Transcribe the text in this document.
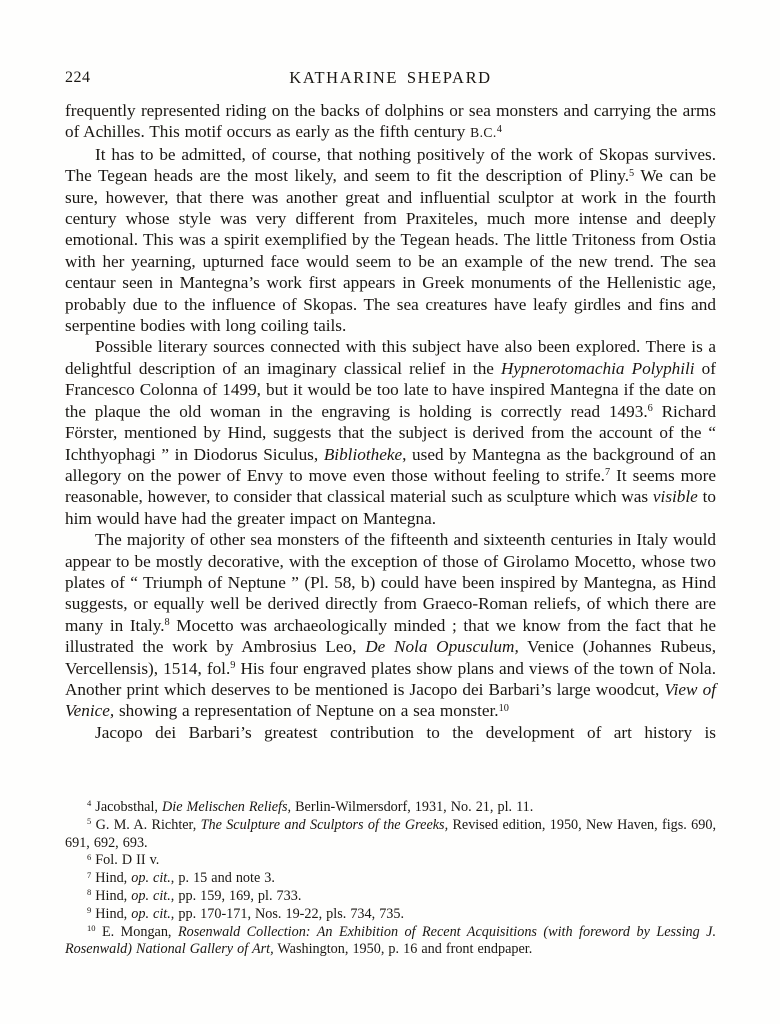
224	KATHARINE SHEPARD

frequently represented riding on the backs of dolphins or sea monsters and carrying the arms of Achilles. This motif occurs as early as the fifth century B.C.$^4$

It has to be admitted, of course, that nothing positively of the work of Skopas survives. The Tegean heads are the most likely, and seem to fit the description of Pliny.$^5$ We can be sure, however, that there was another great and influential sculptor at work in the fourth century whose style was very different from Praxiteles, much more intense and deeply emotional. This was a spirit exemplified by the Tegean heads. The little Tritoness from Ostia with her yearning, upturned face would seem to be an example of the new trend. The sea centaur seen in Mantegna’s work first appears in Greek monuments of the Hellenistic age, probably due to the influence of Skopas. The sea creatures have leafy girdles and fins and serpentine bodies with long coiling tails.

Possible literary sources connected with this subject have also been explored. There is a delightful description of an imaginary classical relief in the Hypnerotomachia Polyphili of Francesco Colonna of 1499, but it would be too late to have inspired Mantegna if the date on the plaque the old woman in the engraving is holding is correctly read 1493.$^6$ Richard Förster, mentioned by Hind, suggests that the subject is derived from the account of the “ Ichthyophagi ” in Diodorus Siculus, Bibliotheke, used by Mantegna as the background of an allegory on the power of Envy to move even those without feeling to strife.$^7$ It seems more reasonable, however, to consider that classical material such as sculpture which was visible to him would have had the greater impact on Mantegna.

The majority of other sea monsters of the fifteenth and sixteenth centuries in Italy would appear to be mostly decorative, with the exception of those of Girolamo Mocetto, whose two plates of “ Triumph of Neptune ” (Pl. 58, b) could have been inspired by Mantegna, as Hind suggests, or equally well be derived directly from Graeco-Roman reliefs, of which there are many in Italy.$^8$ Mocetto was archaeologically minded ; that we know from the fact that he illustrated the work by Ambrosius Leo, De Nola Opusculum, Venice (Johannes Rubeus, Vercellensis), 1514, fol.$^9$ His four engraved plates show plans and views of the town of Nola. Another print which deserves to be mentioned is Jacopo dei Barbari’s large woodcut, View of Venice, showing a representation of Neptune on a sea monster.$^{10}$

Jacopo dei Barbari’s greatest contribution to the development of art history is

$^4$ Jacobsthal, Die Melischen Reliefs, Berlin-Wilmersdorf, 1931, No. 21, pl. 11.

$^5$ G. M. A. Richter, The Sculpture and Sculptors of the Greeks, Revised edition, 1950, New Haven, figs. 690, 691, 692, 693.

$^6$ Fol. D II v.

$^7$ Hind, op. cit., p. 15 and note 3.

$^8$ Hind, op. cit., pp. 159, 169, pl. 733.

$^9$ Hind, op. cit., pp. 170-171, Nos. 19-22, pls. 734, 735.

$^{10}$ E. Mongan, Rosenwald Collection: An Exhibition of Recent Acquisitions (with foreword by Lessing J. Rosenwald) National Gallery of Art, Washington, 1950, p. 16 and front endpaper.
